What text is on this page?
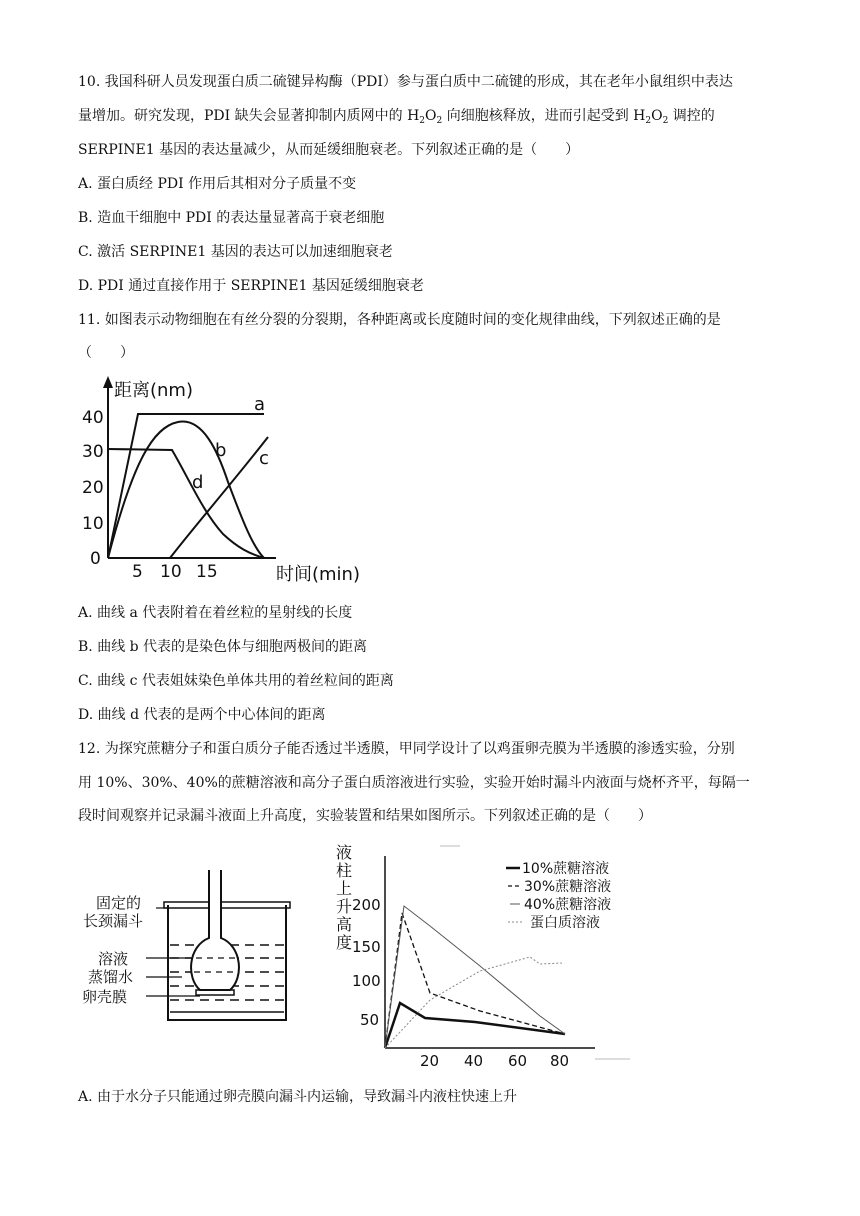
10. 我国科研人员发现蛋白质二硫键异构酶（PDI）参与蛋白质中二硫键的形成，其在老年小鼠组织中表达
量增加。研究发现，PDI 缺失会显著抑制内质网中的 $H_2O_2$ 向细胞核释放，进而引起受到 $H_2O_2$ 调控的
SERPINE1 基因的表达量减少，从而延缓细胞衰老。下列叙述正确的是（　　）
A. 蛋白质经 PDI 作用后其相对分子质量不变
B. 造血干细胞中 PDI 的表达量显著高于衰老细胞
C. 激活 SERPINE1 基因的表达可以加速细胞衰老
D. PDI 通过直接作用于 SERPINE1 基因延缓细胞衰老
11. 如图表示动物细胞在有丝分裂的分裂期，各种距离或长度随时间的变化规律曲线，下列叙述正确的是
（　　）
距离(nm)
时间(min)
40
30
20
10
0
5 10 15
a
b c
d
A. 曲线 a 代表附着在着丝粒的星射线的长度
B. 曲线 b 代表的是染色体与细胞两极间的距离
C. 曲线 c 代表姐妹染色单体共用的着丝粒间的距离
D. 曲线 d 代表的是两个中心体间的距离
12. 为探究蔗糖分子和蛋白质分子能否透过半透膜，甲同学设计了以鸡蛋卵壳膜为半透膜的渗透实验，分别
用 10%、30%、40%的蔗糖溶液和高分子蛋白质溶液进行实验，实验开始时漏斗内液面与烧杯齐平，每隔一
段时间观察并记录漏斗液面上升高度，实验装置和结果如图所示。下列叙述正确的是（　　）
固定的
长颈漏斗
溶液
蒸馏水
卵壳膜
液
柱
上
升
高
度
200
150
100
50
20 40 60 80
10%蔗糖溶液
30%蔗糖溶液
40%蔗糖溶液
蛋白质溶液
A. 由于水分子只能通过卵壳膜向漏斗内运输，导致漏斗内液柱快速上升
